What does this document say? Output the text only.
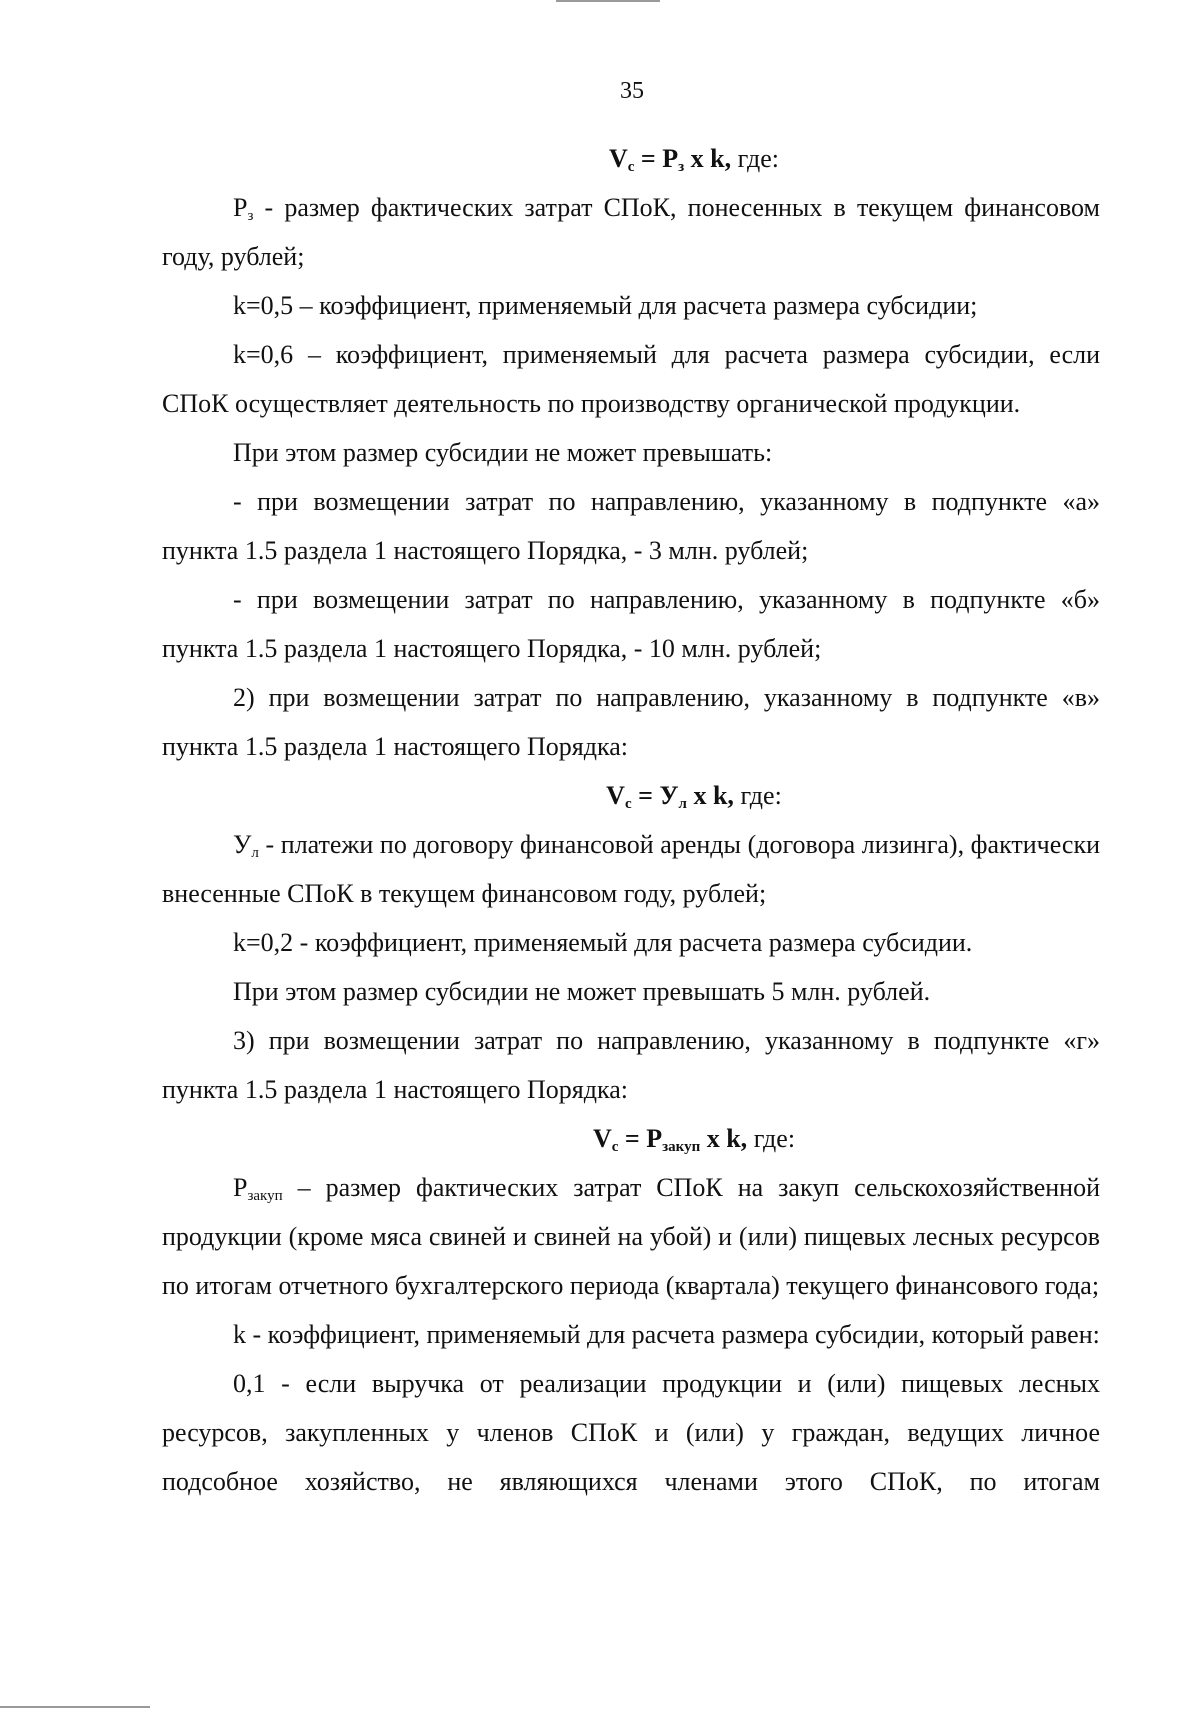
35

$V_c = P_з$ x k, где:

$Р_з$ - размер фактических затрат СПоК, понесенных в текущем финансовом году, рублей;

k=0,5 – коэффициент, применяемый для расчета размера субсидии;

k=0,6 – коэффициент, применяемый для расчета размера субсидии, если СПоК осуществляет деятельность по производству органической продукции.

При этом размер субсидии не может превышать:

- при возмещении затрат по направлению, указанному в подпункте «а» пункта 1.5 раздела 1 настоящего Порядка, - 3 млн. рублей;

- при возмещении затрат по направлению, указанному в подпункте «б» пункта 1.5 раздела 1 настоящего Порядка, - 10 млн. рублей;

2) при возмещении затрат по направлению, указанному в подпункте «в» пункта 1.5 раздела 1 настоящего Порядка:

$V_c = У_л$ x k, где:

$У_л$ - платежи по договору финансовой аренды (договора лизинга), фактически внесенные СПоК в текущем финансовом году, рублей;

k=0,2 - коэффициент, применяемый для расчета размера субсидии.

При этом размер субсидии не может превышать 5 млн. рублей.

3) при возмещении затрат по направлению, указанному в подпункте «г» пункта 1.5 раздела 1 настоящего Порядка:

$V_c = P_{закуп}$ x k, где:

$Р_{закуп}$ – размер фактических затрат СПоК на закуп сельскохозяйственной продукции (кроме мяса свиней и свиней на убой) и (или) пищевых лесных ресурсов по итогам отчетного бухгалтерского периода (квартала) текущего финансового года;

k - коэффициент, применяемый для расчета размера субсидии, который равен:

0,1 - если выручка от реализации продукции и (или) пищевых лесных ресурсов, закупленных у членов СПоК и (или) у граждан, ведущих личное подсобное хозяйство, не являющихся членами этого СПоК, по итогам
